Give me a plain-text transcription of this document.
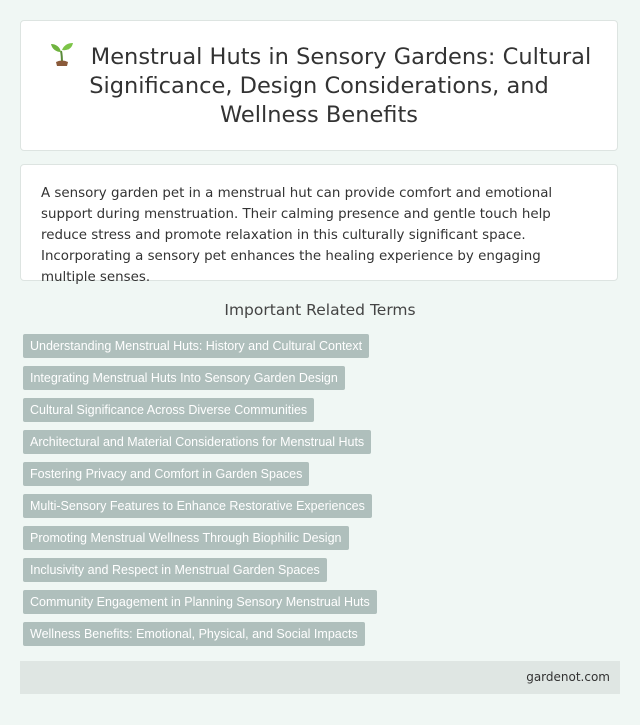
Menstrual Huts in Sensory Gardens: Cultural Significance, Design Considerations, and Wellness Benefits

A sensory garden pet in a menstrual hut can provide comfort and emotional support during menstruation. Their calming presence and gentle touch help reduce stress and promote relaxation in this culturally significant space. Incorporating a sensory pet enhances the healing experience by engaging multiple senses.

Important Related Terms
Understanding Menstrual Huts: History and Cultural Context
Integrating Menstrual Huts Into Sensory Garden Design
Cultural Significance Across Diverse Communities
Architectural and Material Considerations for Menstrual Huts
Fostering Privacy and Comfort in Garden Spaces
Multi-Sensory Features to Enhance Restorative Experiences
Promoting Menstrual Wellness Through Biophilic Design
Inclusivity and Respect in Menstrual Garden Spaces
Community Engagement in Planning Sensory Menstrual Huts
Wellness Benefits: Emotional, Physical, and Social Impacts
gardenot.com
